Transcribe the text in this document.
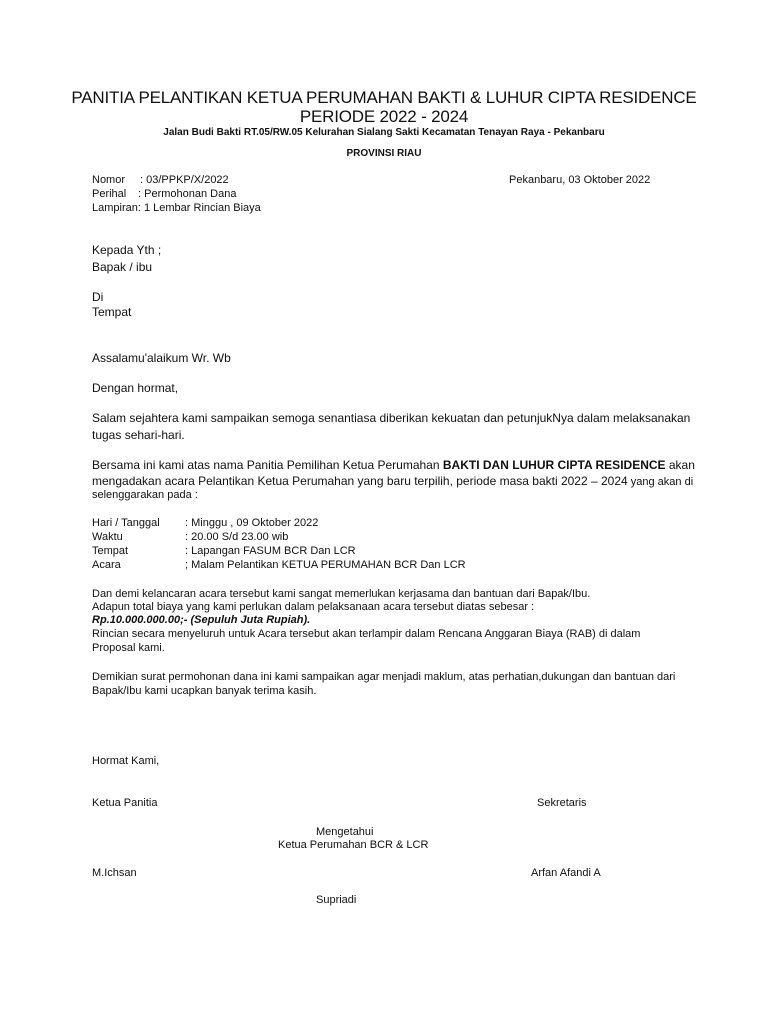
PANITIA PELANTIKAN KETUA PERUMAHAN BAKTI & LUHUR CIPTA RESIDENCE
PERIODE 2022 - 2024
Jalan Budi Bakti RT.05/RW.05 Kelurahan Sialang Sakti Kecamatan Tenayan Raya - Pekanbaru
PROVINSI RIAU
Nomor : 03/PPKP/X/2022
Perihal : Permohonan Dana
Lampiran: 1 Lembar Rincian Biaya
Pekanbaru, 03 Oktober 2022
Kepada Yth ;
Bapak / ibu
Di
Tempat
Assalamu'alaikum Wr. Wb
Dengan hormat,
Salam sejahtera kami sampaikan semoga senantiasa diberikan kekuatan dan petunjukNya dalam melaksanakan
tugas sehari-hari.
Bersama ini kami atas nama Panitia Pemilihan Ketua Perumahan BAKTI DAN LUHUR CIPTA RESIDENCE akan
mengadakan acara Pelantikan Ketua Perumahan yang baru terpilih, periode masa bakti 2022 – 2024 yang akan di
selenggarakan pada :
Hari / Tanggal : Minggu , 09 Oktober 2022
Waktu	: 20.00 S/d 23.00 wib
Tempat	: Lapangan FASUM BCR Dan LCR
Acara	; Malam Pelantikan KETUA PERUMAHAN BCR Dan LCR
Dan demi kelancaran acara tersebut kami sangat memerlukan kerjasama dan bantuan dari Bapak/Ibu.
Adapun total biaya yang kami perlukan dalam pelaksanaan acara tersebut diatas sebesar :
Rp.10.000.000.00;- (Sepuluh Juta Rupiah).
Rincian secara menyeluruh untuk Acara tersebut akan terlampir dalam Rencana Anggaran Biaya (RAB) di dalam
Proposal kami.
Demikian surat permohonan dana ini kami sampaikan agar menjadi maklum, atas perhatian,dukungan dan bantuan dari
Bapak/Ibu kami ucapkan banyak terima kasih.
Hormat Kami,
Ketua Panitia	Sekretaris
Mengetahui
Ketua Perumahan BCR & LCR
M.Ichsan	Arfan Afandi A
Supriadi
